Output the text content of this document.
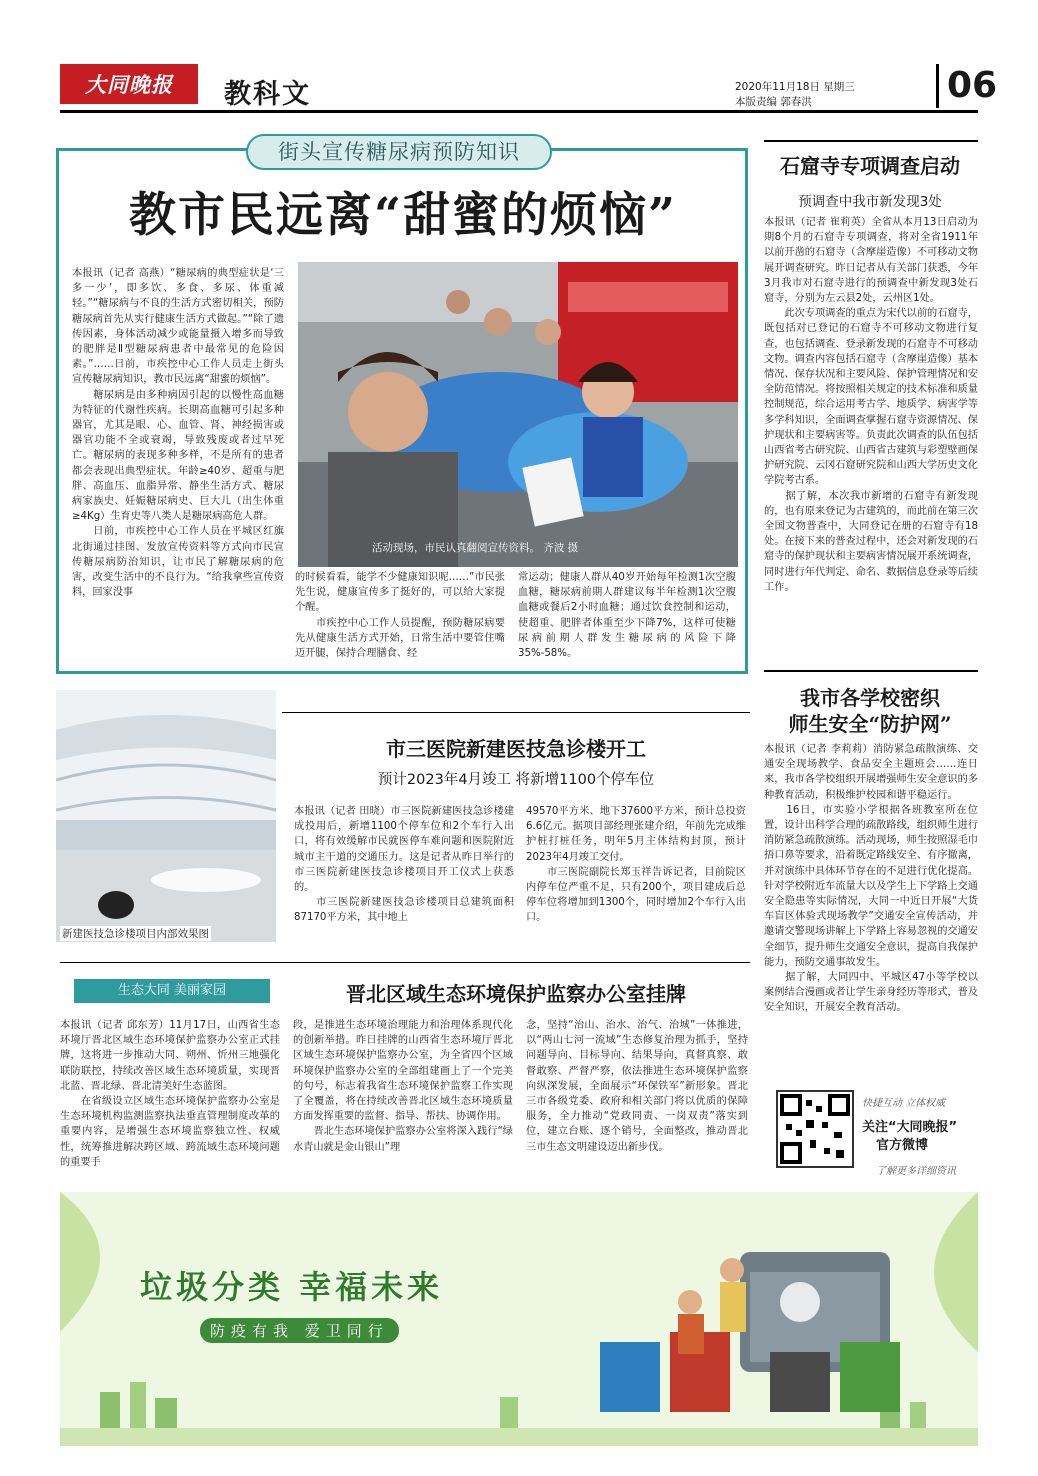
大同晚报	教科文	2020年11月18日 星期三
本版责编 郭春洪	06
街头宣传糖尿病预防知识
教市民远离“甜蜜的烦恼”
活动现场，市民认真翻阅宣传资料。 齐波 摄
本报讯（记者 高燕）“糖尿病的典型症状是‘三多一少’，即多饮、多食、多尿、体重减轻。”“糖尿病与不良的生活方式密切相关，预防糖尿病首先从实行健康生活方式做起。”“除了遗传因素，身体活动减少或能量摄入增多而导致的肥胖是Ⅱ型糖尿病患者中最常见的危险因素。”……日前，市疾控中心工作人员走上街头宣传糖尿病知识，教市民远离“甜蜜的烦恼”。
　　糖尿病是由多种病因引起的以慢性高血糖为特征的代谢性疾病。长期高血糖可引起多种器官，尤其是眼、心、血管、肾、神经损害或器官功能不全或衰竭，导致残废或者过早死亡。糖尿病的表现多种多样，不是所有的患者都会表现出典型症状。年龄≥40岁、超重与肥胖、高血压、血脂异常、静坐生活方式、糖尿病家族史、妊娠糖尿病史、巨大儿（出生体重≥4Kg）生育史等八类人是糖尿病高危人群。
　　日前，市疾控中心工作人员在平城区红旗北街通过挂图、发放宣传资料等方式向市民宣传糖尿病防治知识，让市民了解糖尿病的危害，改变生活中的不良行为。“给我拿些宣传资料，回家没事
的时候看看，能学不少健康知识呢……”市民张先生说，健康宣传多了挺好的，可以给大家提个醒。
　　市疾控中心工作人员提醒，预防糖尿病要先从健康生活方式开始，日常生活中要管住嘴迈开腿，保持合理膳食、经
常运动；健康人群从40岁开始每年检测1次空腹血糖，糖尿病前期人群建议每半年检测1次空腹血糖或餐后2小时血糖；通过饮食控制和运动，使超重、肥胖者体重至少下降7%，这样可使糖尿病前期人群发生糖尿病的风险下降35%-58%。
石窟寺专项调查启动
预调查中我市新发现3处
本报讯（记者 崔莉英）全省从本月13日启动为期8个月的石窟寺专项调查，将对全省1911年以前开凿的石窟寺（含摩崖造像）不可移动文物展开调查研究。昨日记者从有关部门获悉，今年3月我市对石窟寺进行的预调查中新发现3处石窟寺，分别为左云县2处，云州区1处。
　　此次专项调查的重点为宋代以前的石窟寺，既包括对已登记的石窟寺不可移动文物进行复查，也包括调查、登录新发现的石窟寺不可移动文物。调查内容包括石窟寺（含摩崖造像）基本情况、保存状况和主要风险、保护管理情况和安全防范情况。将按照相关规定的技术标准和质量控制规范，综合运用考古学、地质学、病害学等多学科知识，全面调查掌握石窟寺资源情况、保护现状和主要病害等。负责此次调查的队伍包括山西省考古研究院、山西省古建筑与彩塑壁画保护研究院、云冈石窟研究院和山西大学历史文化学院考古系。
　　据了解，本次我市新增的石窟寺有新发现的，也有原来登记为古建筑的，而此前在第三次全国文物普查中，大同登记在册的石窟寺有18处。在接下来的普查过程中，还会对新发现的石窟寺的保护现状和主要病害情况展开系统调查，同时进行年代判定、命名、数据信息登录等后续工作。
新建医技急诊楼项目内部效果图
市三医院新建医技急诊楼开工
预计2023年4月竣工 将新增1100个停车位
本报讯（记者 田晓）市三医院新建医技急诊楼建成投用后，新增1100个停车位和2个车行入出口，将有效缓解市民就医停车难问题和医院附近城市主干道的交通压力。这是记者从昨日举行的市三医院新建医技急诊楼项目开工仪式上获悉的。
　　市三医院新建医技急诊楼项目总建筑面积87170平方米，其中地上
49570平方米、地下37600平方米，预计总投资6.6亿元。据项目部经理张建介绍，年前先完成维护桩打桩任务，明年5月主体结构封顶，预计2023年4月竣工交付。
　　市三医院副院长郑玉祥告诉记者，目前院区内停车位严重不足，只有200个，项目建成后总停车位将增加到1300个，同时增加2个车行入出口。
我市各学校密织
师生安全“防护网”
本报讯（记者 李莉莉）消防紧急疏散演练、交通安全现场教学、食品安全主题班会……连日来，我市各学校组织开展增强师生安全意识的多种教育活动，积极维护校园和谐平稳运行。
　　16日，市实验小学根据各班教室所在位置，设计出科学合理的疏散路线，组织师生进行消防紧急疏散演练。活动现场，师生按照湿毛巾捂口鼻等要求，沿着既定路线安全、有序撤离，并对演练中具体环节存在的不足进行优化提高。针对学校附近车流量大以及学生上下学路上交通安全隐患等实际情况，大同一中近日开展“大货车盲区体验式现场教学”交通安全宣传活动，并邀请交警现场讲解上下学路上容易忽视的交通安全细节，提升师生交通安全意识，提高自我保护能力，预防交通事故发生。
　　据了解，大同四中、平城区47小等学校以案例结合漫画或者让学生亲身经历等形式，普及安全知识，开展安全教育活动。
生态大同 美丽家园	晋北区域生态环境保护监察办公室挂牌
本报讯（记者 邱东芳）11月17日，山西省生态环境厅晋北区域生态环境保护监察办公室正式挂牌，这将进一步推动大同、朔州、忻州三地强化联防联控，持续改善区域生态环境质量，实现晋北蓝、晋北绿、晋北清美好生态蓝图。
　　在省级设立区域生态环境保护监察办公室是生态环境机构监测监察执法垂直管理制度改革的重要内容，是增强生态环境监察独立性、权威性，统筹推进解决跨区域、跨流域生态环境问题的重要手
段，是推进生态环境治理能力和治理体系现代化的创新举措。昨日挂牌的山西省生态环境厅晋北区域生态环境保护监察办公室，为全省四个区域环境保护监察办公室的全部组建画上了一个完美的句号，标志着我省生态环境保护监察工作实现了全覆盖，将在持续改善晋北区域生态环境质量方面发挥重要的监督、指导、帮扶、协调作用。
　　晋北生态环境保护监察办公室将深入践行“绿水青山就是金山银山”理
念，坚持“治山、治水、治气、治城”一体推进，以“两山七河一流域”生态修复治理为抓手，坚持问题导向、目标导向、结果导向，真督真察、敢督敢察、严督严察，依法推进生态环境保护监察向纵深发展，全面展示“环保铁军”新形象。晋北三市各级党委、政府和相关部门将以优质的保障服务，全力推动“党政同责、一岗双责”落实到位，建立台账、逐个销号，全面整改，推动晋北三市生态文明建设迈出新步伐。
快捷互动 立体权威
关注“大同晚报”
官方微博
了解更多详细资讯
垃圾分类 幸福未来
防疫有我 爱卫同行
